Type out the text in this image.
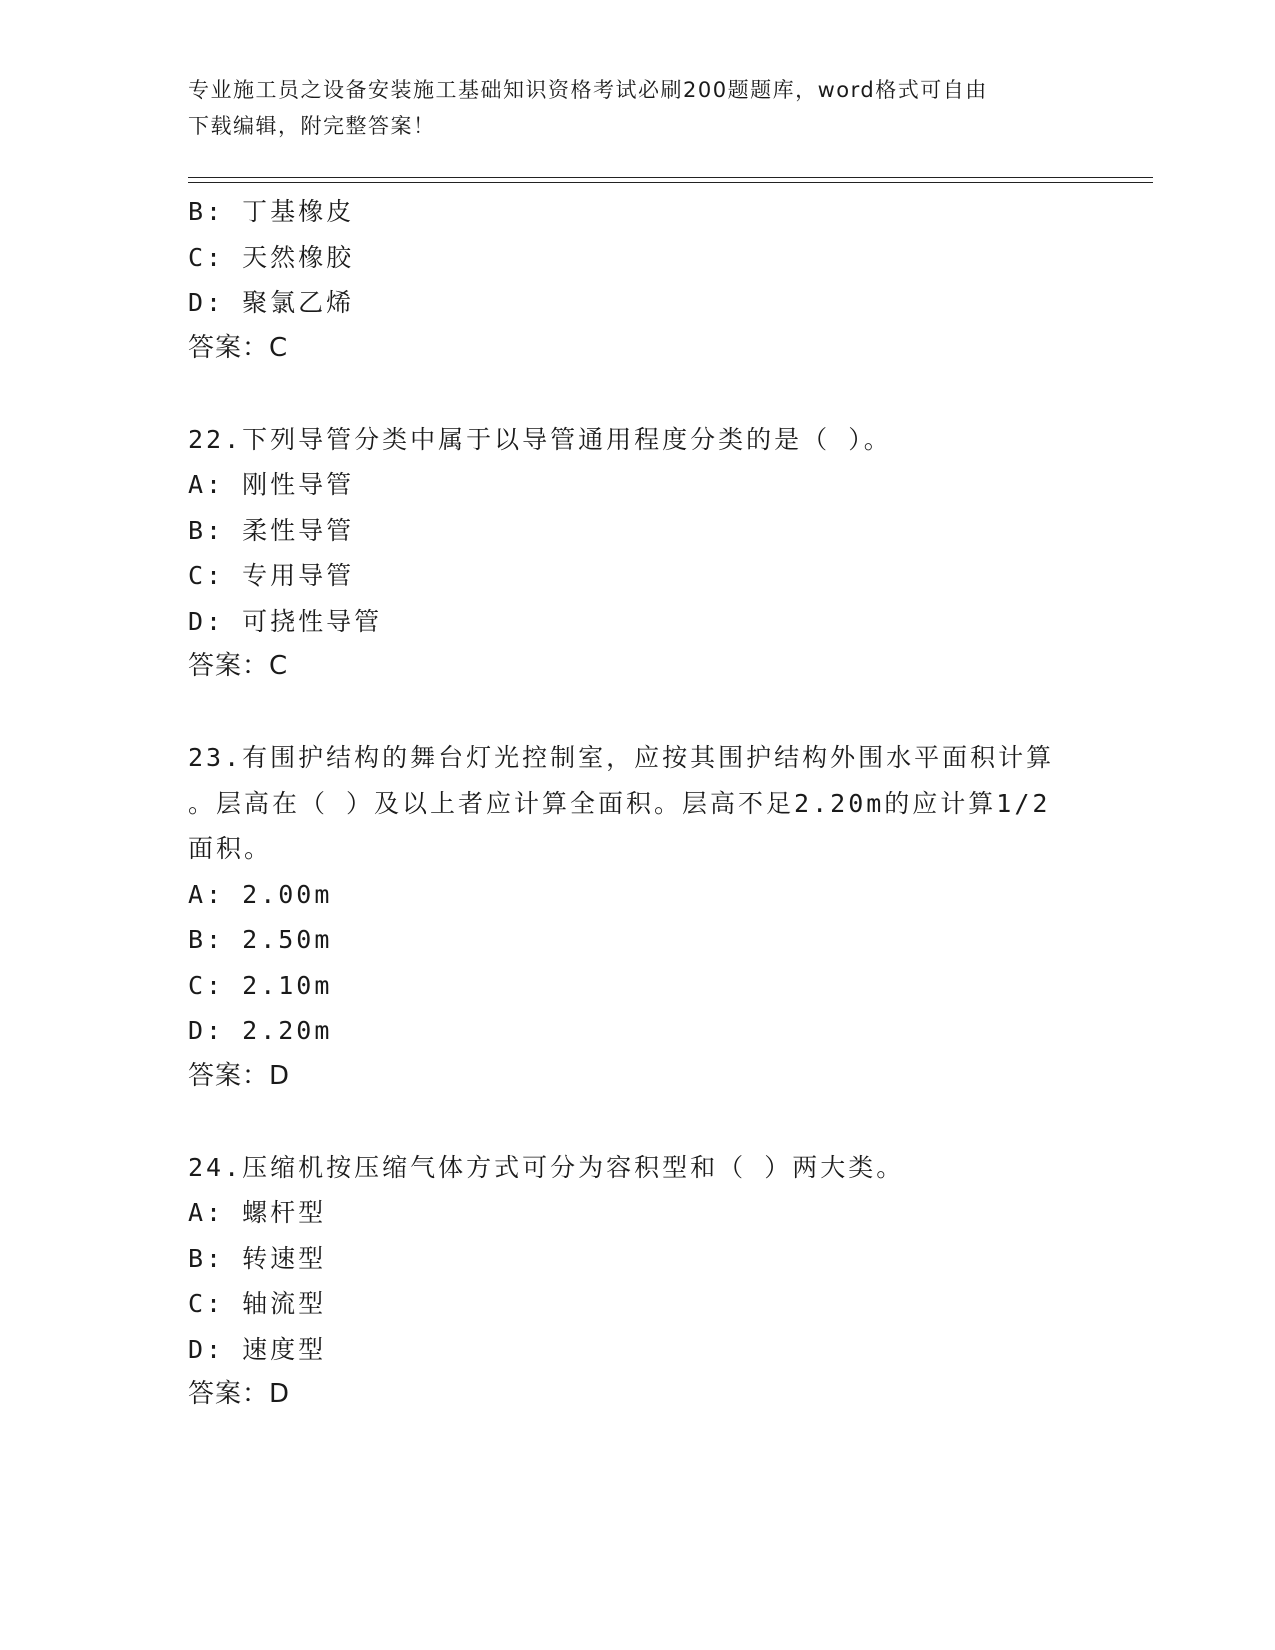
专业施工员之设备安装施工基础知识资格考试必刷200题题库，word格式可自由
下载编辑，附完整答案！
B: 丁基橡皮
C: 天然橡胶
D: 聚氯乙烯
答案：C
22.下列导管分类中属于以导管通用程度分类的是（ ）。
A: 刚性导管
B: 柔性导管
C: 专用导管
D: 可挠性导管
答案：C
23.有围护结构的舞台灯光控制室，应按其围护结构外围水平面积计算
。层高在（ ）及以上者应计算全面积。层高不足2.20m的应计算1/2
面积。
A: 2.00m
B: 2.50m
C: 2.10m
D: 2.20m
答案：D
24.压缩机按压缩气体方式可分为容积型和（ ）两大类。
A: 螺杆型
B: 转速型
C: 轴流型
D: 速度型
答案：D
